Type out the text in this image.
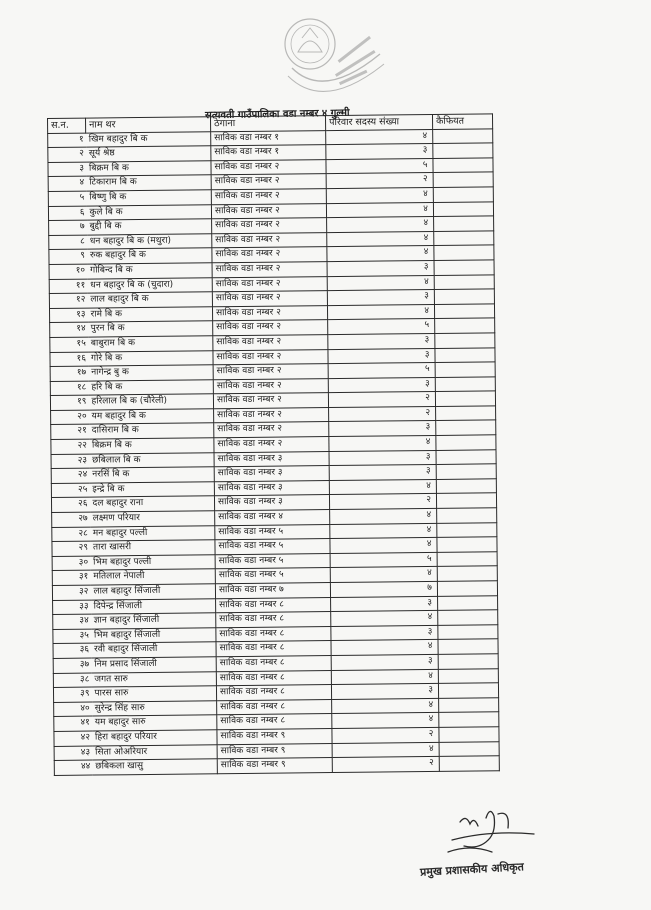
सत्यवती गाउँपालिका वडा नम्बर ४ गुल्मी
स.न.	नाम थर	ठेगाना	परिवार सदस्य संख्या	कैफियत
१	खिम बहादुर बि क	साविक वडा नम्बर १	४	
२	सूर्य श्रेष्ठ	साविक वडा नम्बर १	३	
३	बिक्रम बि क	साविक वडा नम्बर २	५	
४	टिकाराम बि क	साविक वडा नम्बर २	२	
५	बिष्णु बि क	साविक वडा नम्बर २	४	
६	कुले बि क	साविक वडा नम्बर २	४	
७	बुद्दी बि क	साविक वडा नम्बर २	४	
८	धन बहादुर बि क (मथुरा)	साविक वडा नम्बर २	४	
९	रुक बहादुर बि क	साविक वडा नम्बर २	४	
१०	गोबिन्द बि क	साविक वडा नम्बर २	३	
११	धन बहादुर बि क (चुदारा)	साविक वडा नम्बर २	४	
१२	लाल बहादुर बि क	साविक वडा नम्बर २	३	
१३	रामे बि क	साविक वडा नम्बर २	४	
१४	पुरन बि क	साविक वडा नम्बर २	५	
१५	बाबुराम बि क	साविक वडा नम्बर २	३	
१६	गोरे बि क	साविक वडा नम्बर २	३	
१७	नागेन्द्र बु क	साविक वडा नम्बर २	५	
१८	हरि बि क	साविक वडा नम्बर २	३	
१९	हरिलाल बि क (चौरेली)	साविक वडा नम्बर २	२	
२०	यम बहादुर बि क	साविक वडा नम्बर २	२	
२१	दासिराम बि क	साविक वडा नम्बर २	३	
२२	बिक्रम बि क	साविक वडा नम्बर २	४	
२३	छबिलाल बि क	साविक वडा नम्बर ३	३	
२४	नरसिं बि क	साविक वडा नम्बर ३	३	
२५	इन्द्रे बि क	साविक वडा नम्बर ३	४	
२६	दल बहादुर राना	साविक वडा नम्बर ३	२	
२७	लक्ष्मण परियार	साविक वडा नम्बर ४	४	
२८	मन बहादुर पल्ली	साविक वडा नम्बर ५	४	
२९	तारा खासरी	साविक वडा नम्बर ५	४	
३०	भिम बहादुर पल्ली	साविक वडा नम्बर ५	५	
३१	मतिलाल नेपाली	साविक वडा नम्बर ५	४	
३२	लाल बहादुर सिंजाली	साविक वडा नम्बर ७	७	
३३	दिपेन्द्र सिंजाली	साविक वडा नम्बर ८	३	
३४	ज्ञान बहादुर सिंजाली	साविक वडा नम्बर ८	४	
३५	भिम बहादुर सिंजाली	साविक वडा नम्बर ८	३	
३६	रवी बहादुर सिंजाली	साविक वडा नम्बर ८	४	
३७	निम प्रसाद सिंजाली	साविक वडा नम्बर ८	३	
३८	जगत सारु	साविक वडा नम्बर ८	४	
३९	पारस सारु	साविक वडा नम्बर ८	३	
४०	सुरेन्द्र सिंह सारु	साविक वडा नम्बर ८	४	
४१	यम बहादुर सारु	साविक वडा नम्बर ८	४	
४२	हिरा बहादुर परियार	साविक वडा नम्बर ९	२	
४३	सिता ओअरियार	साविक वडा नम्बर ९	४	
४४	छबिकला खासु	साविक वडा नम्बर ९	२	
प्रमुख प्रशासकीय अधिकृत
